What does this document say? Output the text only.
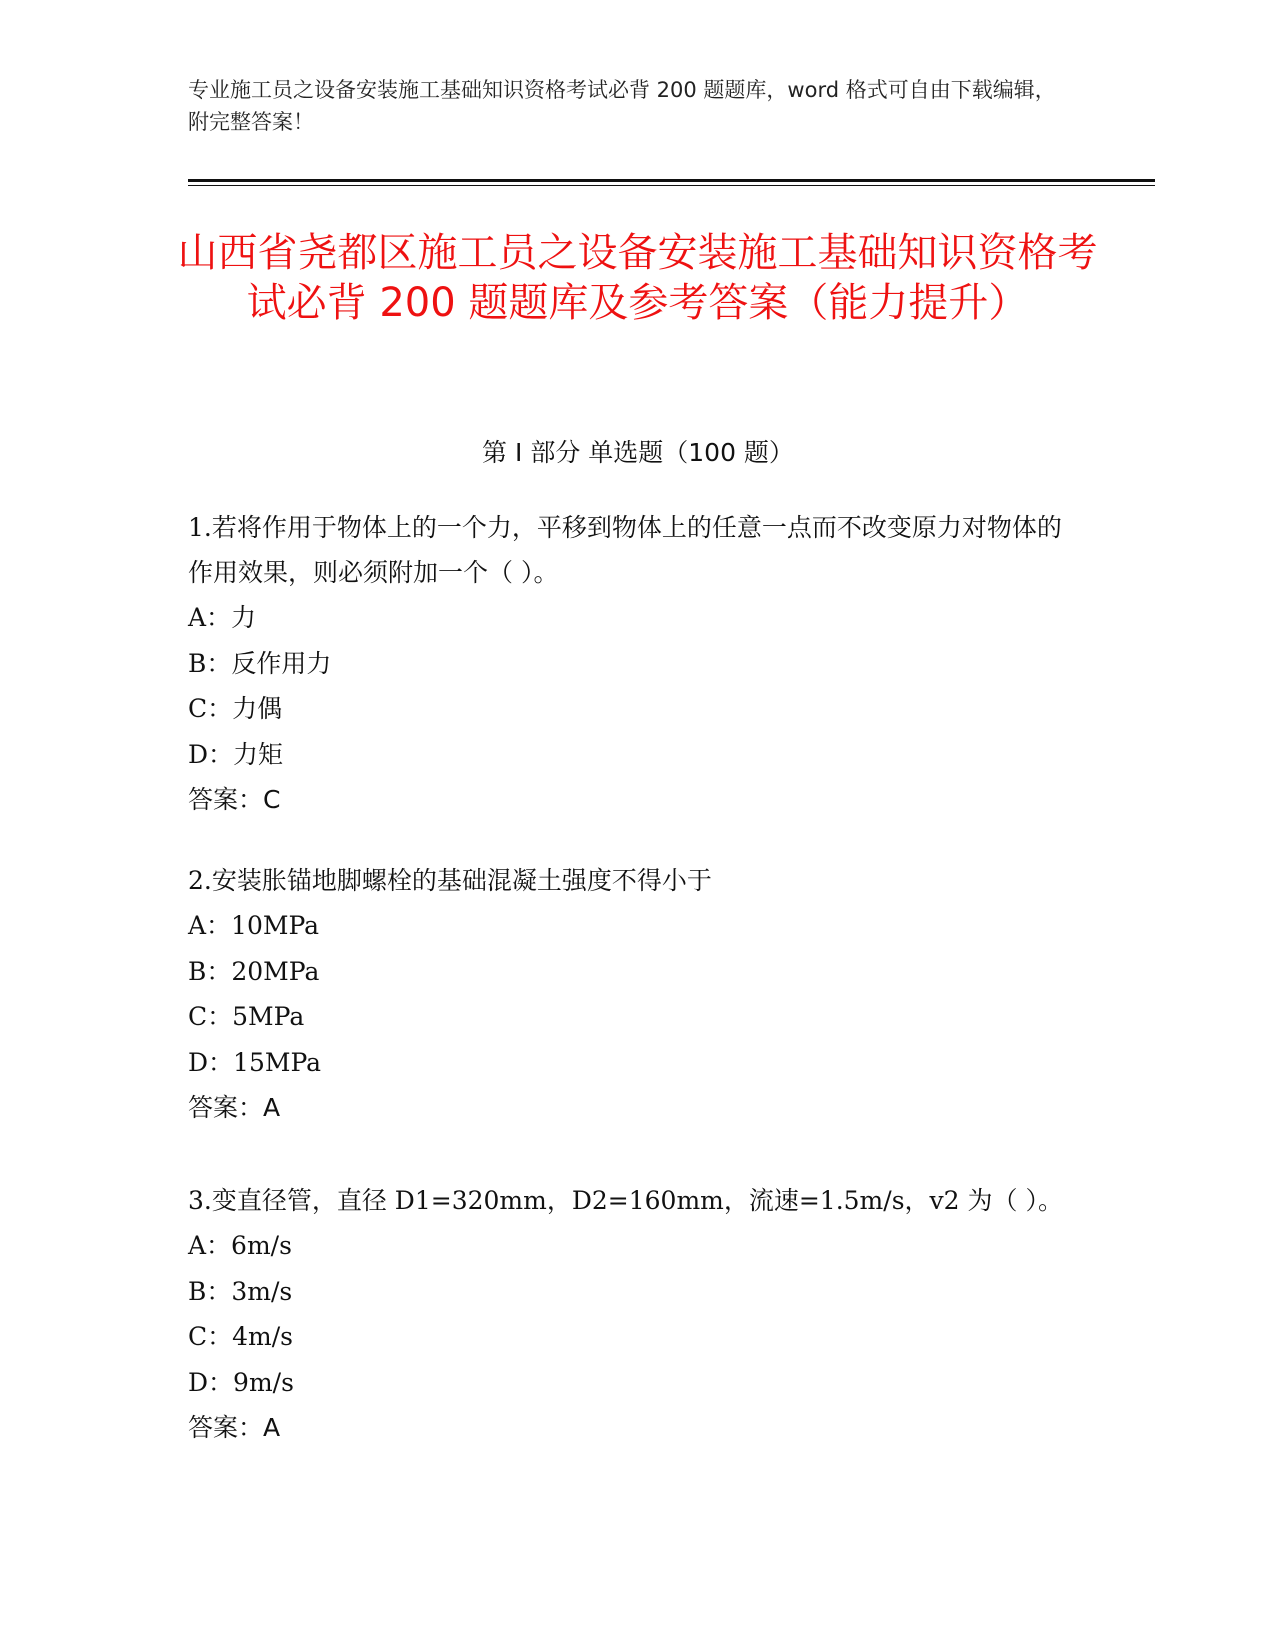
专业施工员之设备安装施工基础知识资格考试必背 200 题题库，word 格式可自由下载编辑，附完整答案！
山西省尧都区施工员之设备安装施工基础知识资格考试必背 200 题题库及参考答案（能力提升）
第 I 部分 单选题（100 题）

1.若将作用于物体上的一个力，平移到物体上的任意一点而不改变原力对物体的作用效果，则必须附加一个（ ）。

A：力

B：反作用力

C：力偶

D：力矩

答案：C

2.安装胀锚地脚螺栓的基础混凝土强度不得小于

A：10MPa

B：20MPa

C：5MPa

D：15MPa

答案：A

3.变直径管，直径 D1=320mm，D2=160mm，流速=1.5m/s，v2 为（ ）。

A：6m/s

B：3m/s

C：4m/s

D：9m/s

答案：A
